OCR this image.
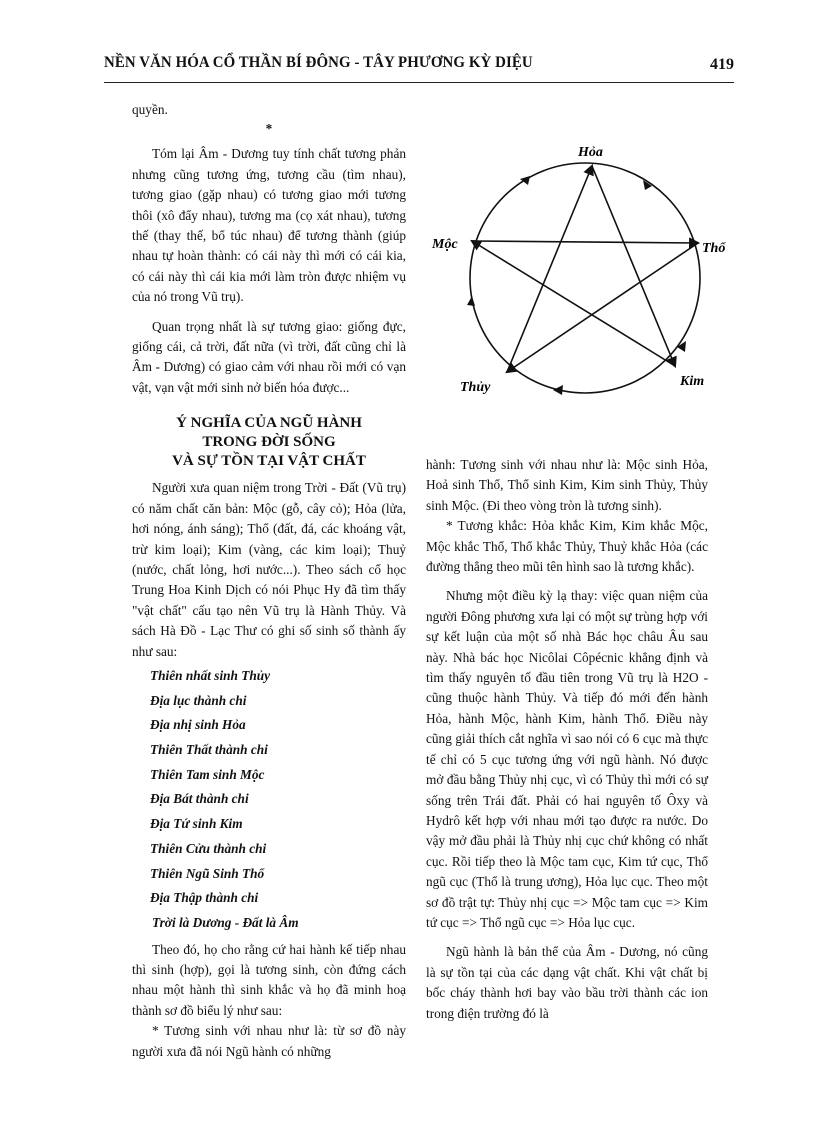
NỀN VĂN HÓA CỔ THẦN BÍ ĐÔNG - TÂY PHƯƠNG KỲ DIỆU	419

quyền.

*

Tóm lại Âm - Dương tuy tính chất tương phản nhưng cũng tương ứng, tương cầu (tìm nhau), tương giao (gặp nhau) có tương giao mới tương thôi (xô đẩy nhau), tương ma (cọ xát nhau), tương thế (thay thế, bổ túc nhau) để tương thành (giúp nhau tự hoàn thành: có cái này thì mới có cái kia, có cái này thì cái kia mới làm tròn được nhiệm vụ của nó trong Vũ trụ).

Quan trọng nhất là sự tương giao: giống đực, giống cái, cả trời, đất nữa (vì trời, đất cũng chỉ là Âm - Dương) có giao cảm với nhau rồi mới có vạn vật, vạn vật mới sinh nở biến hóa được...

Ý NGHĨA CỦA NGŨ HÀNH
TRONG ĐỜI SỐNG
VÀ SỰ TỒN TẠI VẬT CHẤT

Người xưa quan niệm trong Trời - Đất (Vũ trụ) có năm chất căn bản: Mộc (gỗ, cây cỏ); Hỏa (lửa, hơi nóng, ánh sáng); Thổ (đất, đá, các khoáng vật, trừ kim loại); Kim (vàng, các kim loại); Thuỷ (nước, chất lỏng, hơi nước...). Theo sách cổ học Trung Hoa Kinh Dịch có nói Phục Hy đã tìm thấy "vật chất" cấu tạo nên Vũ trụ là Hành Thủy. Và sách Hà Đồ - Lạc Thư có ghi số sinh số thành ấy như sau:

Thiên nhất sinh Thủy
Địa lục thành chi
Địa nhị sinh Hỏa
Thiên Thất thành chi
Thiên Tam sinh Mộc
Địa Bát thành chi
Địa Tứ sinh Kim
Thiên Cửu thành chi
Thiên Ngũ Sinh Thổ
Địa Thập thành chi
Trời là Dương - Đất là Âm

Theo đó, họ cho rằng cứ hai hành kế tiếp nhau thì sinh (hợp), gọi là tương sinh, còn đứng cách nhau một hành thì sinh khắc và họ đã minh hoạ thành sơ đồ biểu lý như sau:

* Tương sinh với nhau như là: từ sơ đồ này người xưa đã nói Ngũ hành có những

Hỏa
Thổ
Kim
Thủy
Mộc

hành: Tương sinh với nhau như là: Mộc sinh Hỏa, Hoả sinh Thổ, Thổ sinh Kim, Kim sinh Thủy, Thủy sinh Mộc. (Đi theo vòng tròn là tương sinh).

* Tương khắc: Hỏa khắc Kim, Kim khắc Mộc, Mộc khắc Thổ, Thổ khắc Thủy, Thuỷ khắc Hỏa (các đường thẳng theo mũi tên hình sao là tương khắc).

Nhưng một điều kỳ lạ thay: việc quan niệm của người Đông phương xưa lại có một sự trùng hợp với sự kết luận của một số nhà Bác học châu Âu sau này. Nhà bác học Nicôlai Côpécnic khẳng định và tìm thấy nguyên tố đầu tiên trong Vũ trụ là H2O - cũng thuộc hành Thủy. Và tiếp đó mới đến hành Hỏa, hành Mộc, hành Kim, hành Thổ. Điều này cũng giải thích cắt nghĩa vì sao nói có 6 cục mà thực tế chỉ có 5 cục tương ứng với ngũ hành. Nó được mở đầu bằng Thủy nhị cục, vì có Thủy thì mới có sự sống trên Trái đất. Phải có hai nguyên tố Ôxy và Hydrô kết hợp với nhau mới tạo được ra nước. Do vậy mở đầu phải là Thủy nhị cục chứ không có nhất cục. Rồi tiếp theo là Mộc tam cục, Kim tứ cục, Thổ ngũ cục (Thổ là trung ương), Hỏa lục cục. Theo một sơ đồ trật tự: Thủy nhị cục => Mộc tam cục => Kim tứ cục => Thổ ngũ cục => Hỏa lục cục.

Ngũ hành là bản thể của Âm - Dương, nó cũng là sự tồn tại của các dạng vật chất. Khi vật chất bị bốc cháy thành hơi bay vào bầu trời thành các ion trong điện trường đó là
